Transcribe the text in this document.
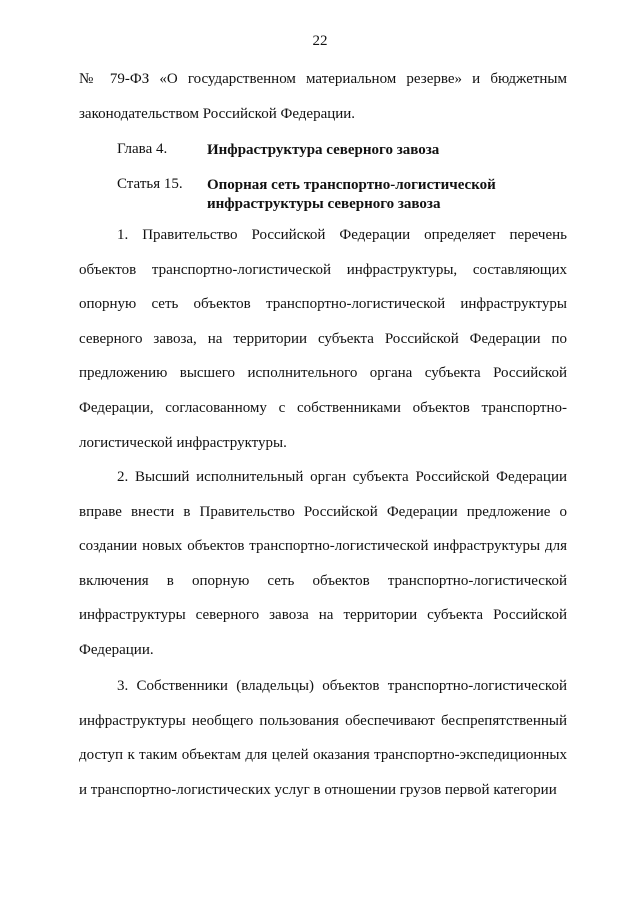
22

№ 79-ФЗ «О государственном материальном резерве» и бюджетным законодательством Российской Федерации.

Глава 4.	Инфраструктура северного завоза
Статья 15.	Опорная сеть транспортно-логистической
инфраструктуры северного завоза

1. Правительство Российской Федерации определяет перечень объектов транспортно-логистической инфраструктуры, составляющих опорную сеть объектов транспортно-логистической инфраструктуры северного завоза, на территории субъекта Российской Федерации по предложению высшего исполнительного органа субъекта Российской Федерации, согласованному с собственниками объектов транспортно-логистической инфраструктуры.

2. Высший исполнительный орган субъекта Российской Федерации вправе внести в Правительство Российской Федерации предложение о создании новых объектов транспортно-логистической инфраструктуры для включения в опорную сеть объектов транспортно-логистической инфраструктуры северного завоза на территории субъекта Российской Федерации.

3. Собственники (владельцы) объектов транспортно-логистической инфраструктуры необщего пользования обеспечивают беспрепятственный доступ к таким объектам для целей оказания транспортно-экспедиционных и транспортно-логистических услуг в отношении грузов первой категории
